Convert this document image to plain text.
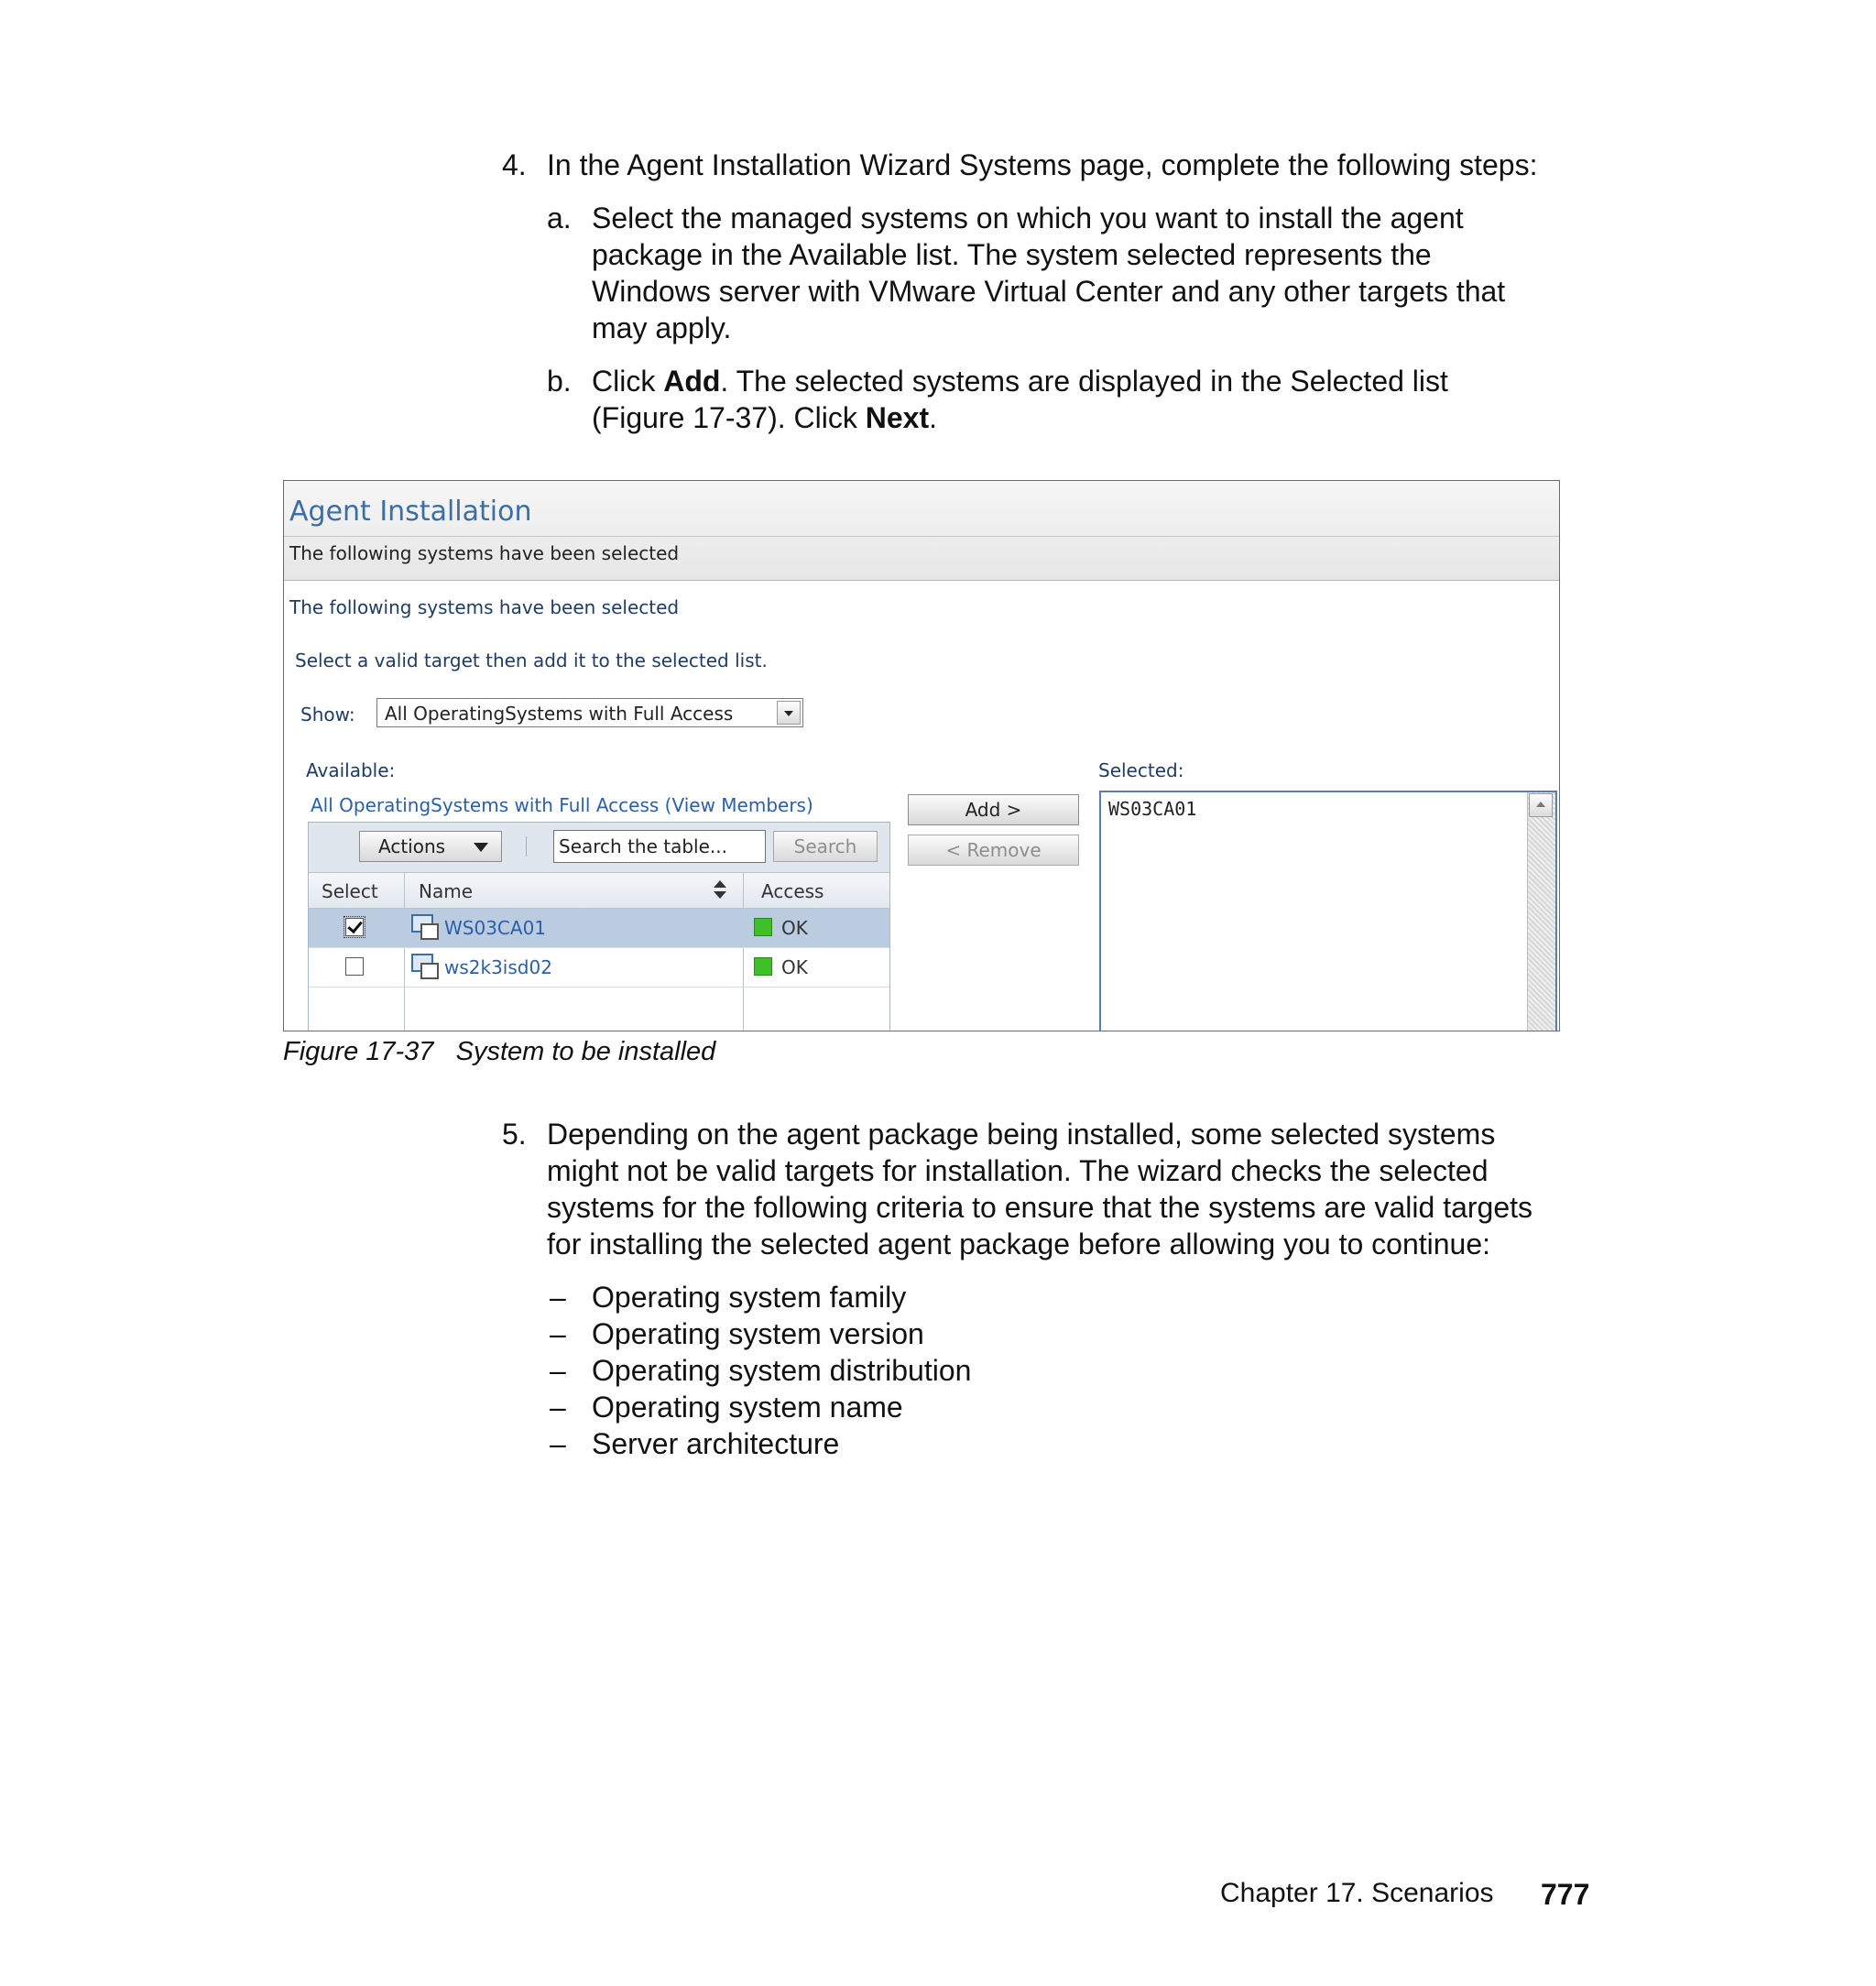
4. In the Agent Installation Wizard Systems page, complete the following steps:
a. Select the managed systems on which you want to install the agent
package in the Available list. The system selected represents the
Windows server with VMware Virtual Center and any other targets that
may apply.
b. Click Add. The selected systems are displayed in the Selected list
(Figure 17-37). Click Next.
Agent Installation
The following systems have been selected
The following systems have been selected
Select a valid target then add it to the selected list.
Show: All OperatingSystems with Full Access
Available:
All OperatingSystems with Full Access (View Members)
Actions
Search the table...	Search
Select Name	Access
WS03CA01	OK
ws2k3isd02	OK
Add >
< Remove
Selected:
WS03CA01
Figure 17-37   System to be installed
5. Depending on the agent package being installed, some selected systems
might not be valid targets for installation. The wizard checks the selected
systems for the following criteria to ensure that the systems are valid targets
for installing the selected agent package before allowing you to continue:
– Operating system family
– Operating system version
– Operating system distribution
– Operating system name
– Server architecture
Chapter 17. Scenarios 777
